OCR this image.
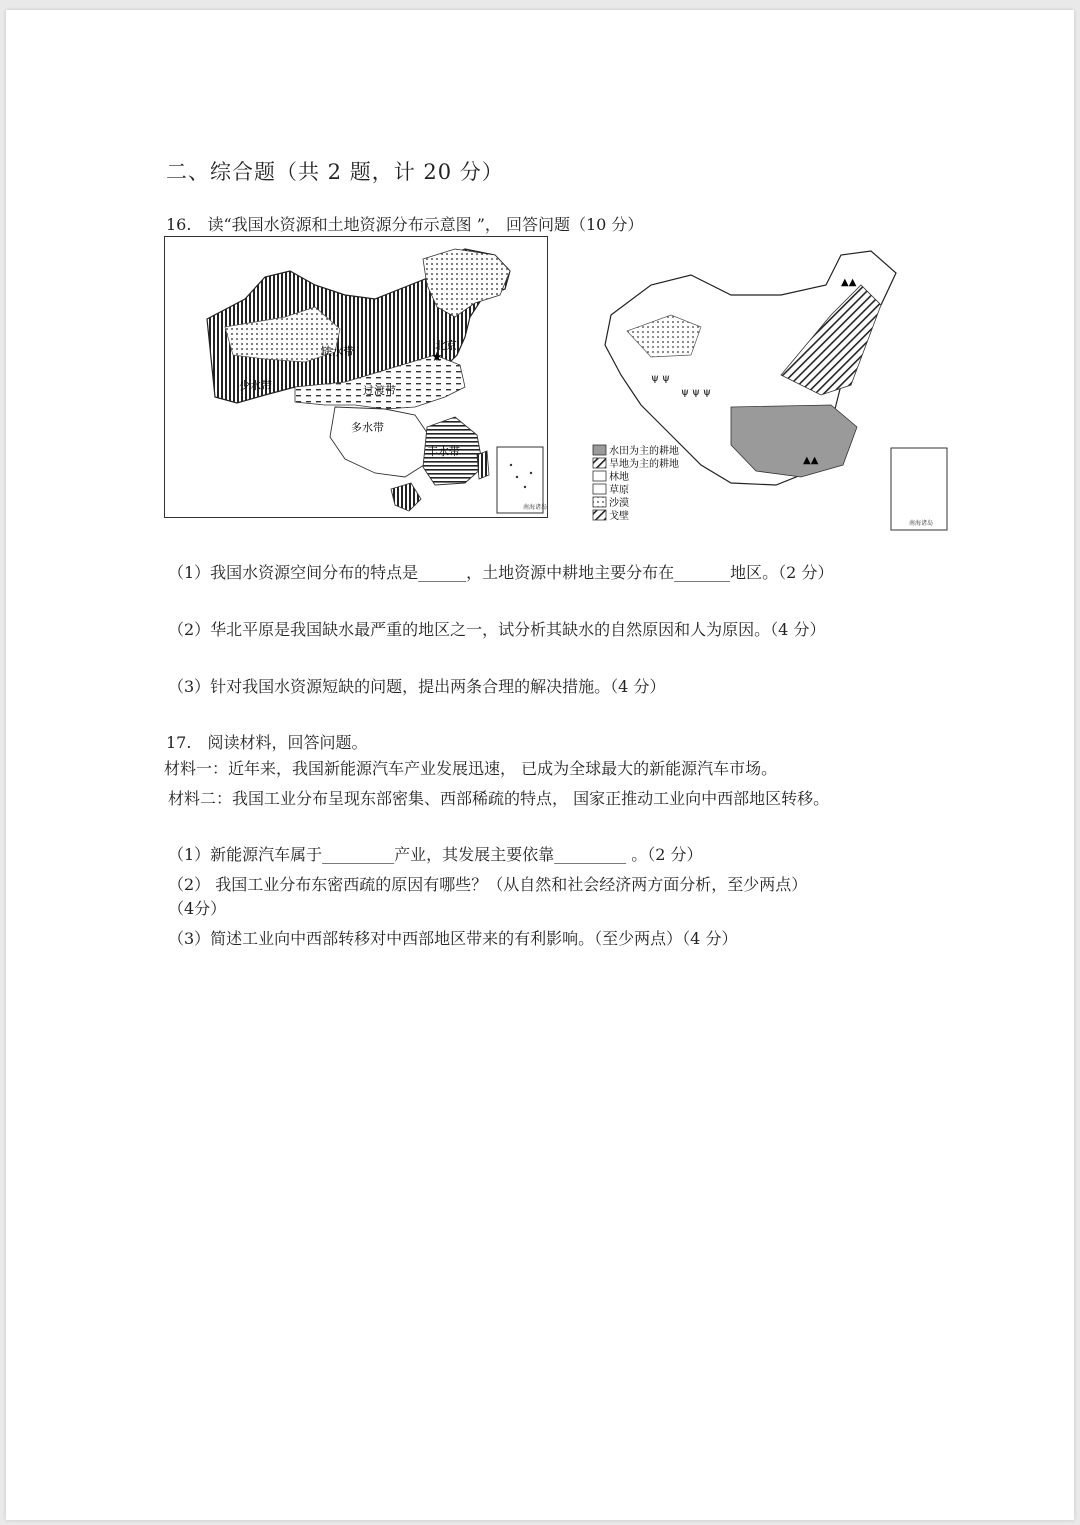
二、综合题（共 2 题，计 20 分）
16.　读“我国水资源和土地资源分布示意图 ”， 回答问题（10 分）
缺水带
少水带	过渡带
多水带
丰水带
北京
★
南海诸岛
▲▲
ψ ψ ψ
ψ ψ
▲▲
水田为主的耕地
旱地为主的耕地
林地
草原
沙漠
戈壁
南海诸岛
（1）我国水资源空间分布的特点是______，土地资源中耕地主要分布在_______地区。（2 分）
（2）华北平原是我国缺水最严重的地区之一，试分析其缺水的自然原因和人为原因。（4 分）
（3）针对我国水资源短缺的问题，提出两条合理的解决措施。（4 分）
17.　阅读材料，回答问题。
材料一：近年来，我国新能源汽车产业发展迅速， 已成为全球最大的新能源汽车市场。
材料二：我国工业分布呈现东部密集、西部稀疏的特点， 国家正推动工业向中西部地区转移。
（1）新能源汽车属于_________产业，其发展主要依靠_________ 。（2 分）
（2） 我国工业分布东密西疏的原因有哪些？（从自然和社会经济两方面分析，至少两点）
（4分）
（3）简述工业向中西部转移对中西部地区带来的有利影响。（至少两点）（4 分）
